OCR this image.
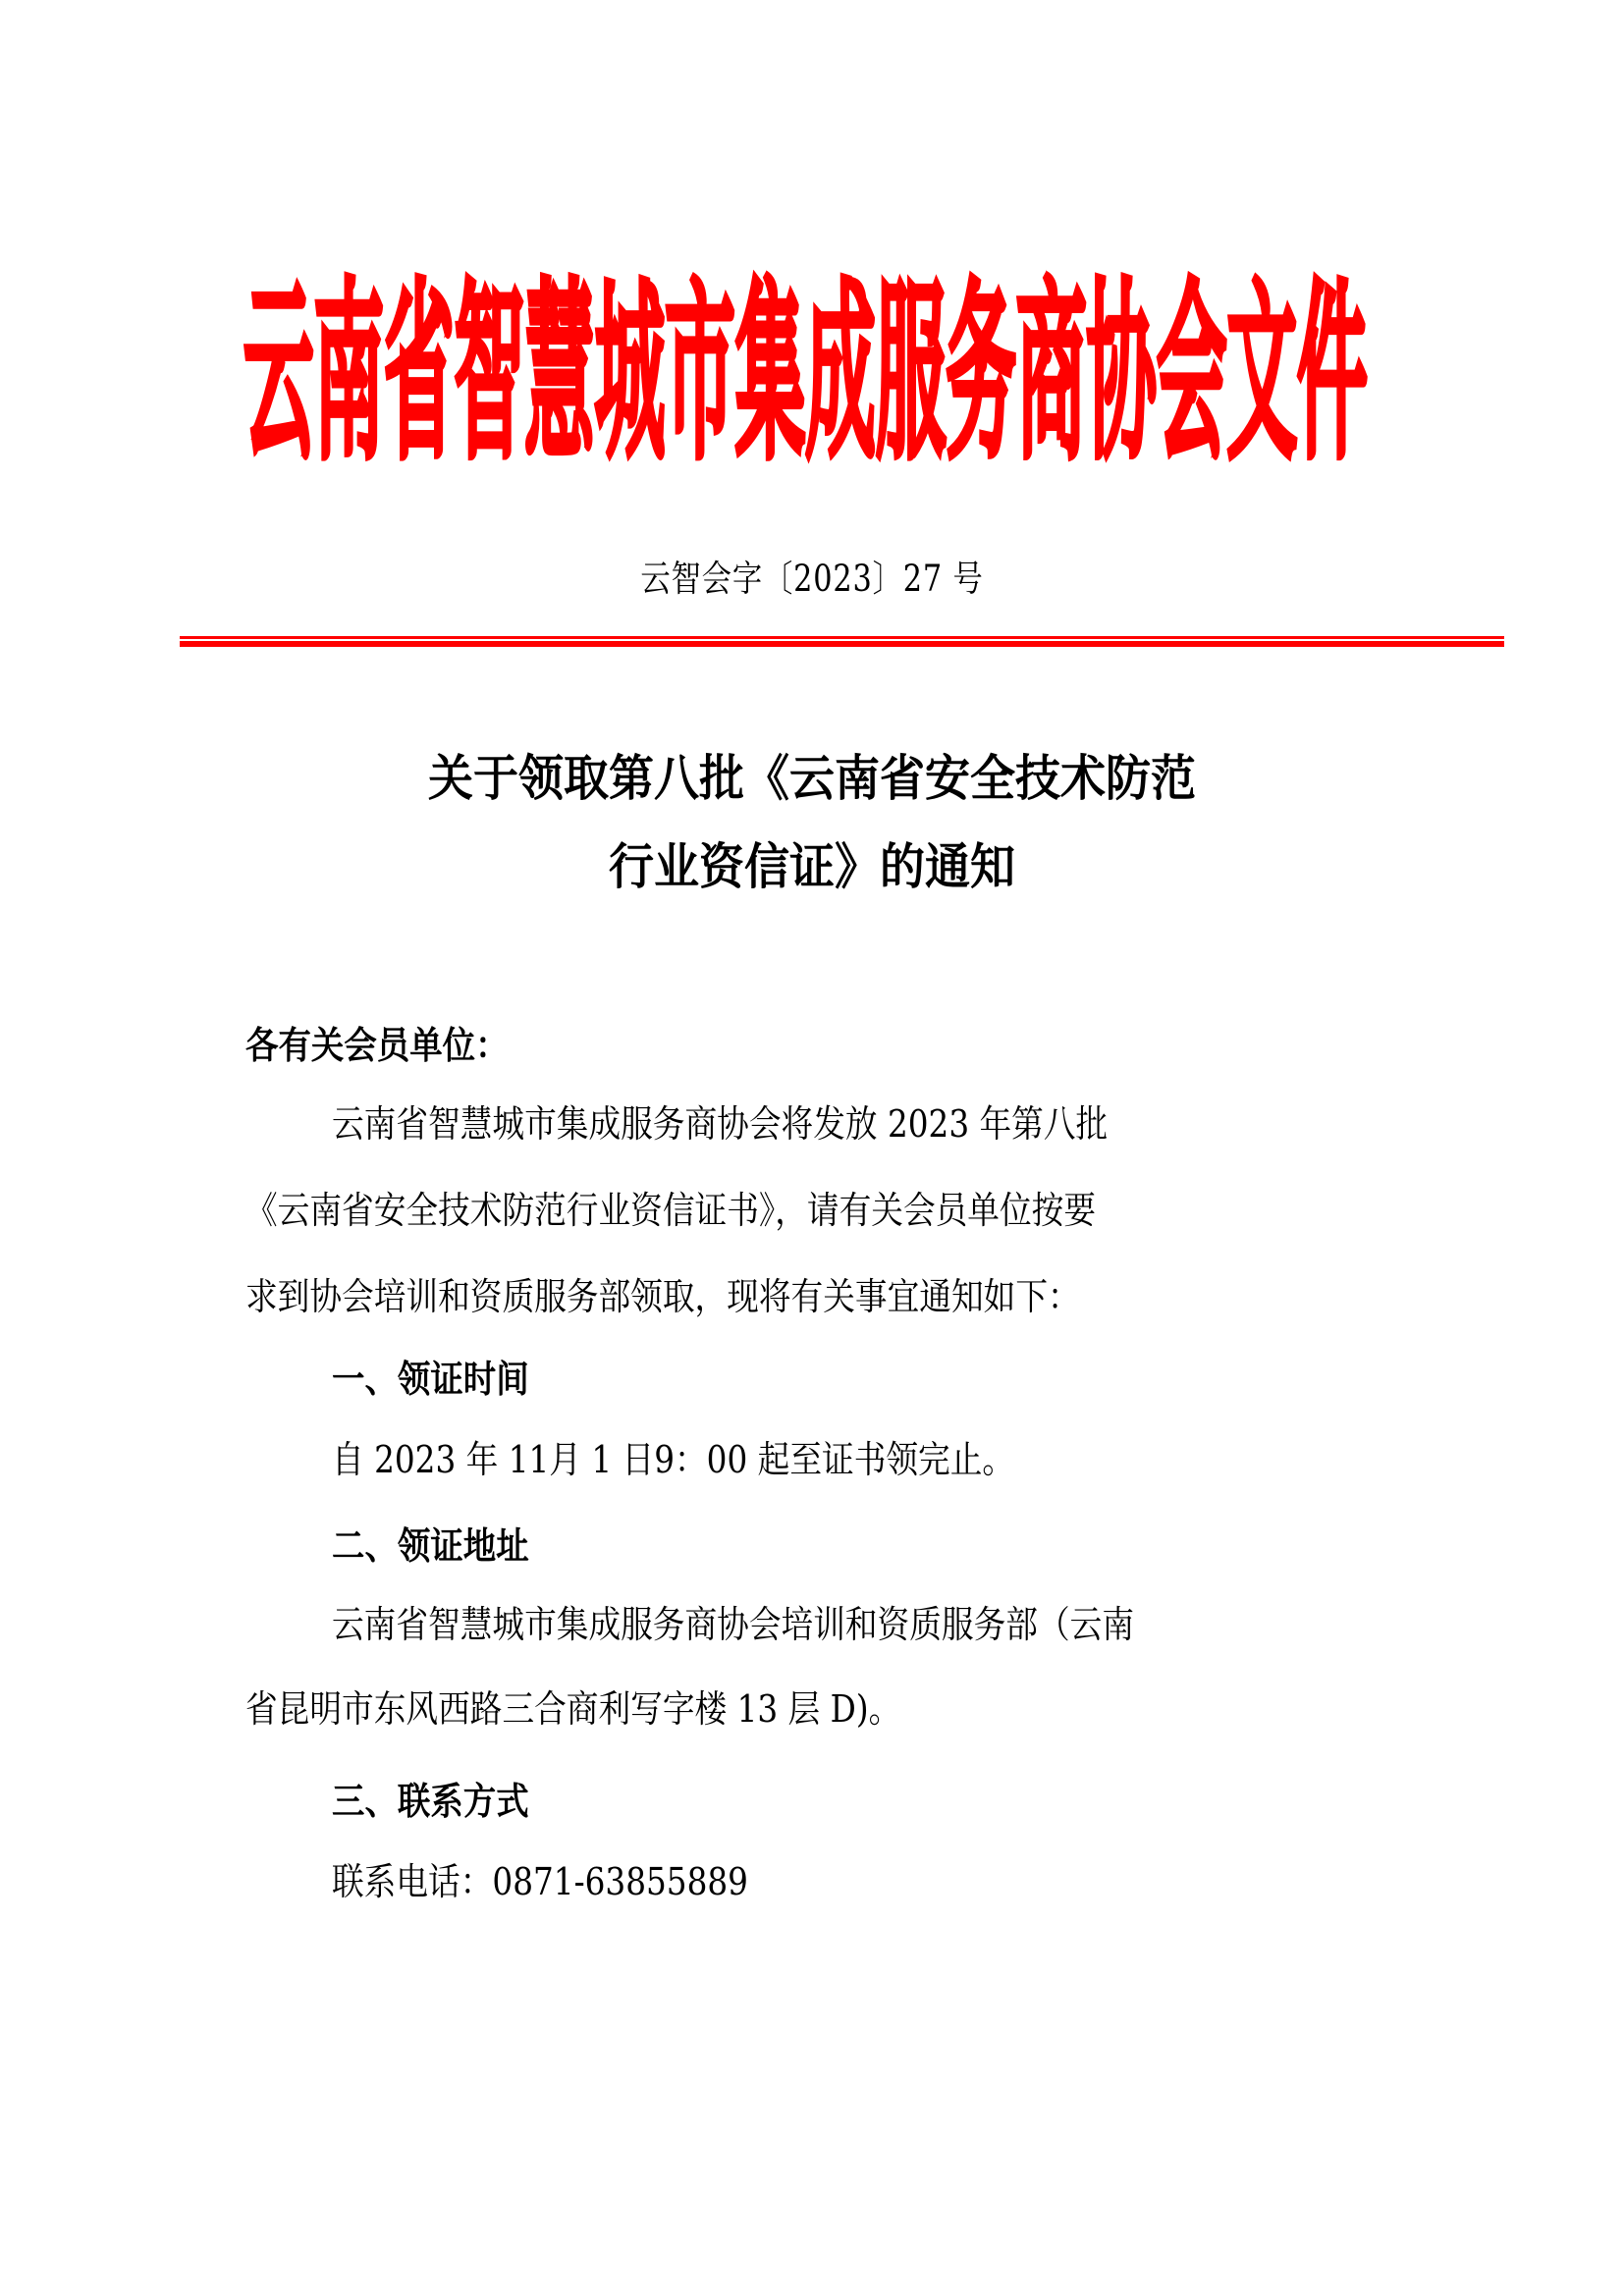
云南省智慧城市集成服务商协会文件
云智会字〔2023〕27 号
关于领取第八批《云南省安全技术防范
行业资信证》的通知
各有关会员单位：
云南省智慧城市集成服务商协会将发放 2023 年第八批
《云南省安全技术防范行业资信证书》，请有关会员单位按要
求到协会培训和资质服务部领取，现将有关事宜通知如下：
一、领证时间
自 2023 年 11月 1 日9：00 起至证书领完止。
二、领证地址
云南省智慧城市集成服务商协会培训和资质服务部（云南
省昆明市东风西路三合商利写字楼 13 层 D)。
三、联系方式
联系电话：0871-63855889
